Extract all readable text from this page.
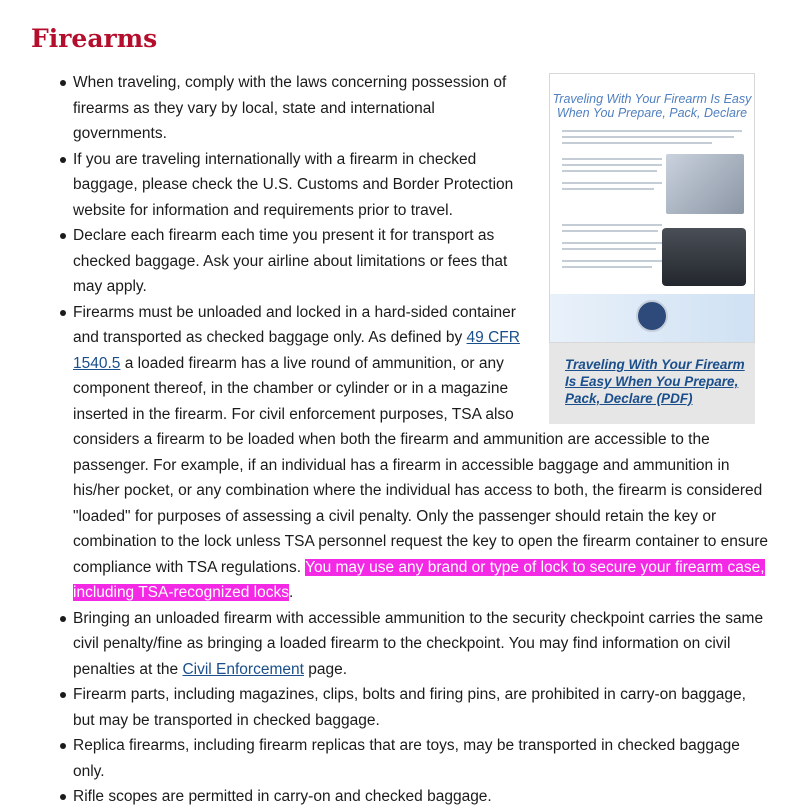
Firearms
Traveling With Your Firearm Is Easy When You Prepare, Pack, Declare
Traveling With Your Firearm Is Easy When You Prepare, Pack, Declare (PDF)
When traveling, comply with the laws concerning possession of firearms as they vary by local, state and international governments.
If you are traveling internationally with a firearm in checked baggage, please check the U.S. Customs and Border Protection website for information and requirements prior to travel.
Declare each firearm each time you present it for transport as checked baggage. Ask your airline about limitations or fees that may apply.
Firearms must be unloaded and locked in a hard-sided container and transported as checked baggage only. As defined by 49 CFR 1540.5 a loaded firearm has a live round of ammunition, or any component thereof, in the chamber or cylinder or in a magazine inserted in the firearm. For civil enforcement purposes, TSA also considers a firearm to be loaded when both the firearm and ammunition are accessible to the passenger. For example, if an individual has a firearm in accessible baggage and ammunition in his/her pocket, or any combination where the individual has access to both, the firearm is considered "loaded" for purposes of assessing a civil penalty. Only the passenger should retain the key or combination to the lock unless TSA personnel request the key to open the firearm container to ensure compliance with TSA regulations. You may use any brand or type of lock to secure your firearm case, including TSA-recognized locks.
Bringing an unloaded firearm with accessible ammunition to the security checkpoint carries the same civil penalty/fine as bringing a loaded firearm to the checkpoint. You may find information on civil penalties at the Civil Enforcement page.
Firearm parts, including magazines, clips, bolts and firing pins, are prohibited in carry-on baggage, but may be transported in checked baggage.
Replica firearms, including firearm replicas that are toys, may be transported in checked baggage only.
Rifle scopes are permitted in carry-on and checked baggage.
